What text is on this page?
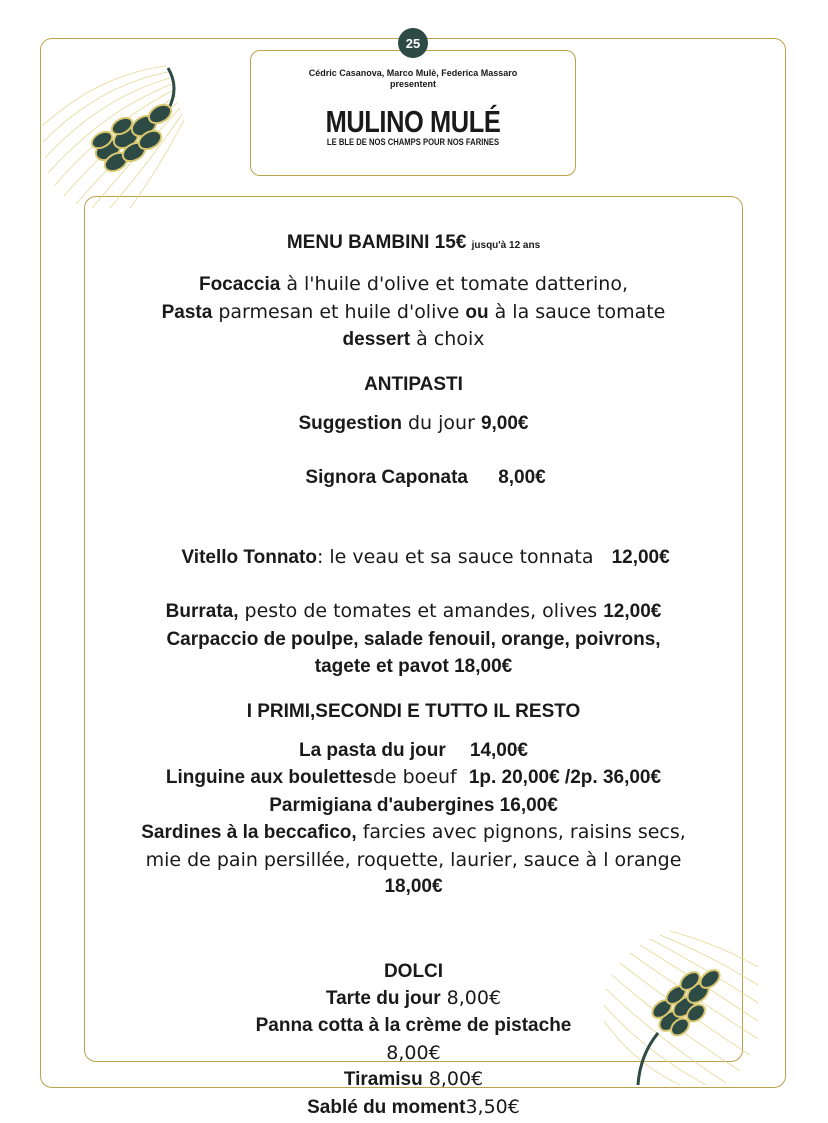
25
Cédric Casanova, Marco Mulè, Federica Massaro
presentent
MULINO MULÉ
LE BLE DE NOS CHAMPS POUR NOS FARINES
MENU BAMBINI 15€ jusqu'à 12 ans
Focaccia à l'huile d'olive et tomate datterino,
Pasta parmesan et huile d'olive ou à la sauce tomate
dessert à choix
ANTIPASTI
Suggestion du jour 9,00€

Signora Caponata 8,00€

Vitello Tonnato: le veau et sa sauce tonnata   12,00€

Burrata, pesto de tomates et amandes, olives 12,00€
Carpaccio de poulpe, salade fenouil, orange, poivrons,
tagete et pavot 18,00€
I PRIMI,SECONDI E TUTTO IL RESTO
La pasta du jour 14,00€
Linguine aux boulettesde boeuf  1p. 20,00€ /2p. 36,00€
Parmigiana d'aubergines 16,00€
Sardines à la beccafico, farcies avec pignons, raisins secs,
mie de pain persillée, roquette, laurier, sauce à l orange
18,00€
DOLCI
Tarte du jour 8,00€
Panna cotta à la crème de pistache
8,00€
Tiramisu 8,00€
Sablé du moment3,50€
